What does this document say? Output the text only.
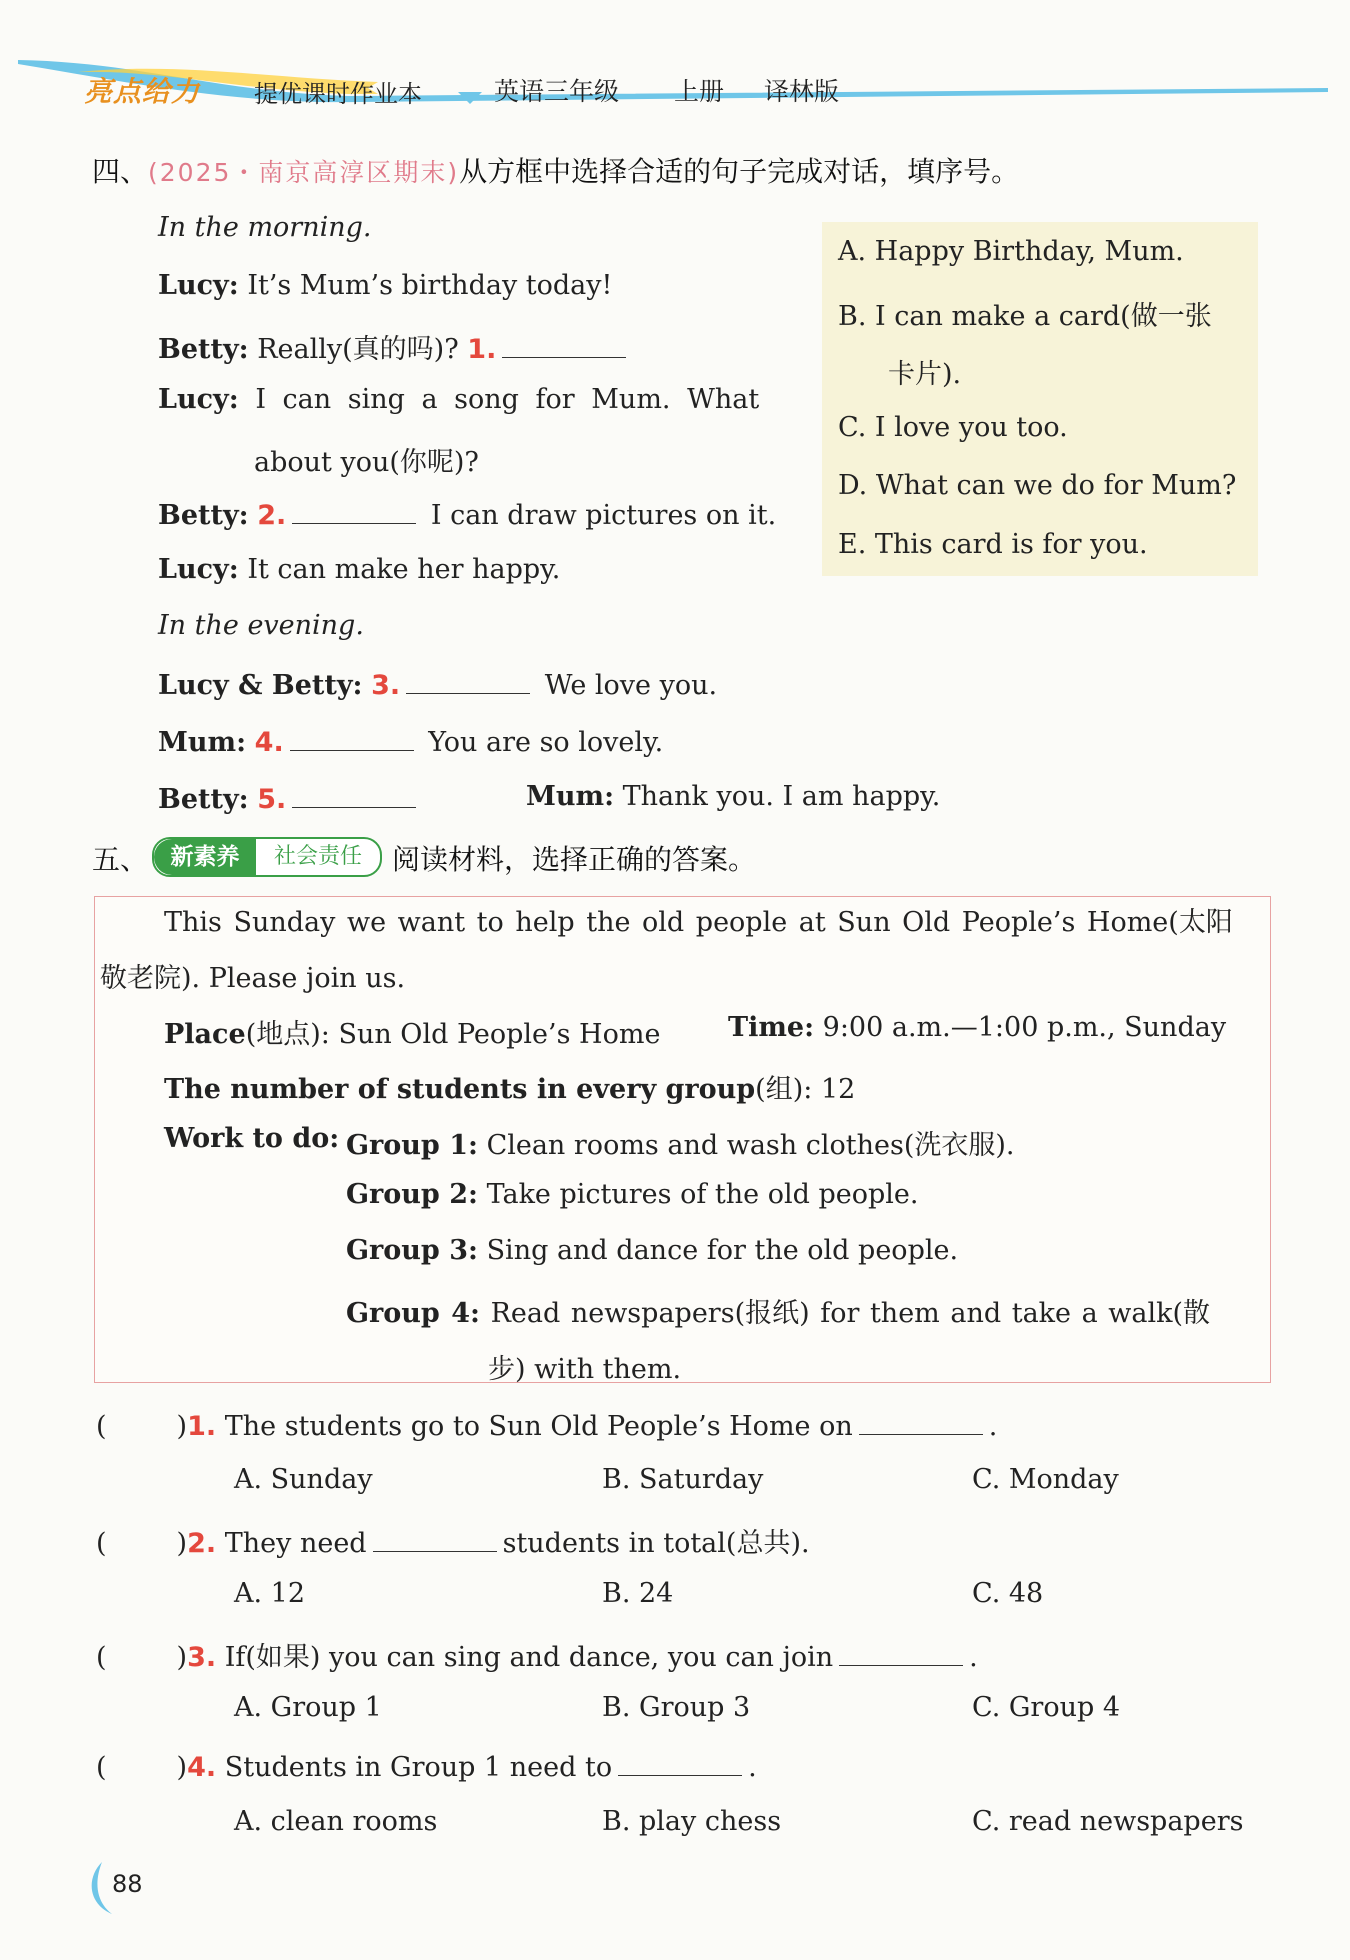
亮点给力 提优课时作业本	英语三年级 上册 译林版
四、(2025・南京高淳区期末)从方框中选择合适的句子完成对话，填序号。
In the morning.
Lucy: It’s Mum’s birthday today!
Betty: Really(真的吗)? 1.
Lucy: I can sing a song for Mum. What
about you(你呢)?
Betty: 2.	I can draw pictures on it.
Lucy: It can make her happy.
In the evening.
Lucy & Betty: 3.	We love you.
Mum: 4.	You are so lovely.
Betty: 5.	Mum: Thank you. I am happy.
A. Happy Birthday, Mum.
B. I can make a card(做一张
卡片).
C. I love you too.
D. What can we do for Mum?
E. This card is for you.
五、 新素养	社会责任	阅读材料，选择正确的答案。
This Sunday we want to help the old people at Sun Old People’s Home(太阳
敬老院). Please join us.
Place(地点): Sun Old People’s Home	Time: 9:00 a.m.—1:00 p.m., Sunday
The number of students in every group(组): 12
Work to do: Group 1: Clean rooms and wash clothes(洗衣服).
Group 2: Take pictures of the old people.
Group 3: Sing and dance for the old people.
Group 4: Read newspapers(报纸) for them and take a walk(散
步) with them.
(	)1. The students go to Sun Old People’s Home on	.
A. Sunday	B. Saturday	C. Monday
(	)2. They need	students in total(总共).
A. 12	B. 24	C. 48
(	)3. If(如果) you can sing and dance, you can join	.
A. Group 1	B. Group 3	C. Group 4
(	)4. Students in Group 1 need to	.
A. clean rooms	B. play chess	C. read newspapers
88
